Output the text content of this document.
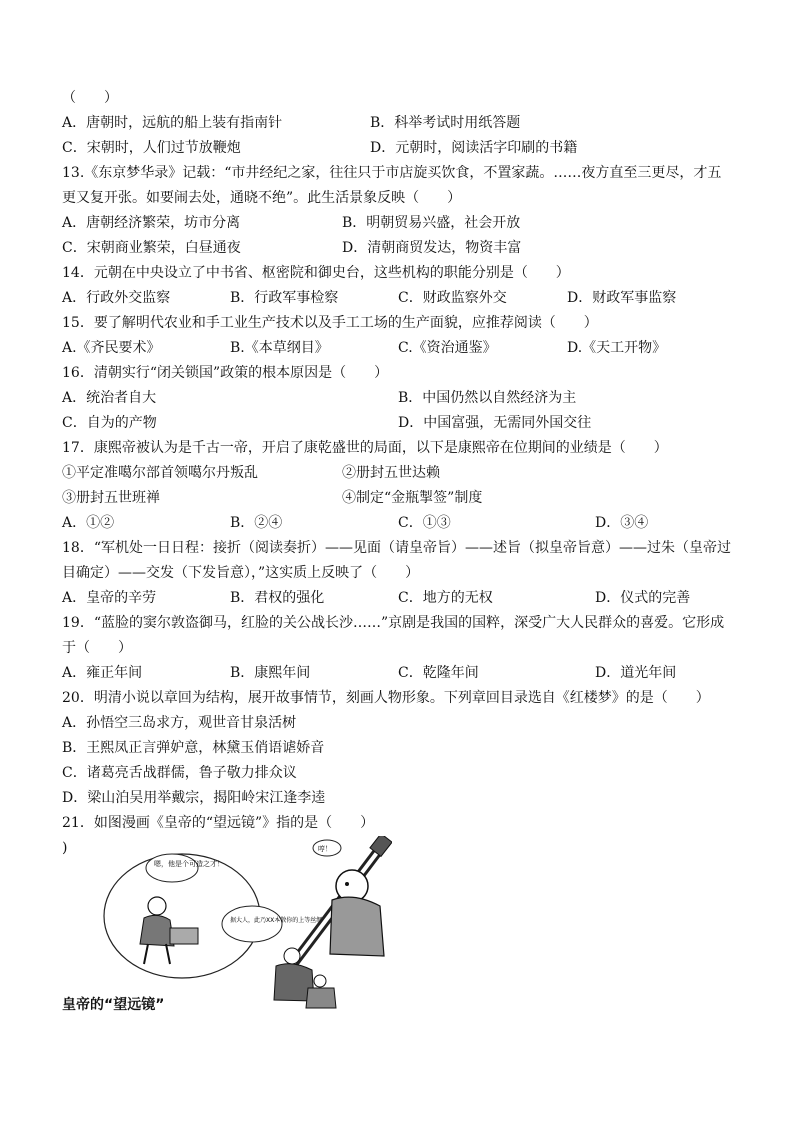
（　　）
A．唐朝时，远航的船上装有指南针	B．科举考试时用纸答题
C．宋朝时，人们过节放鞭炮	D．元朝时，阅读活字印刷的书籍
13.《东京梦华录》记载：“市井经纪之家，往往只于市店旋买饮食，不置家蔬。……夜方直至三更尽，才五
更又复开张。如要闹去处，通晓不绝”。此生活景象反映（　　）
A．唐朝经济繁荣，坊市分离	B．明朝贸易兴盛，社会开放
C．宋朝商业繁荣，白昼通夜	D．清朝商贸发达，物资丰富
14．元朝在中央设立了中书省、枢密院和御史台，这些机构的职能分别是（　　）
A．行政外交监察	B．行政军事检察	C．财政监察外交	D．财政军事监察
15．要了解明代农业和手工业生产技术以及手工工场的生产面貌，应推荐阅读（　　）
A.《齐民要术》	B.《本草纲目》	C.《资治通鉴》	D.《天工开物》
16．清朝实行“闭关锁国”政策的根本原因是（　　）
A．统治者自大	B．中国仍然以自然经济为主
C．自为的产物	D．中国富强，无需同外国交往
17．康熙帝被认为是千古一帝，开启了康乾盛世的局面，以下是康熙帝在位期间的业绩是（　　）
①平定准噶尔部首领噶尔丹叛乱	②册封五世达赖
③册封五世班禅	④制定“金瓶掣签”制度
A．①②	B．②④	C．①③	D．③④
18．“军机处一日日程：接折（阅读奏折）——见面（请皇帝旨）——述旨（拟皇帝旨意）——过朱（皇帝过
目确定）——交发（下发旨意），”这实质上反映了（　　）
A．皇帝的辛劳	B．君权的强化	C．地方的无权	D．仪式的完善
19．“蓝脸的窦尔敦盗御马，红脸的关公战长沙……”京剧是我国的国粹，深受广大人民群众的喜爱。它形成
于（　　）
A．雍正年间	B．康熙年间	C．乾隆年间	D．道光年间
20．明清小说以章回为结构，展开故事情节，刻画人物形象。下列章回目录选自《红楼梦》的是（　　）
A．孙悟空三岛求方，观世音甘泉活树
B．王熙凤正言弹妒意，林黛玉俏语谑娇音
C．诸葛亮舌战群儒，鲁子敬力排众议
D．梁山泊吴用举戴宗，揭阳岭宋江逢李逵
21．如图漫画《皇帝的“望远镜”》指的是（　　）
)
嗯，他是个可造之才！
据大人，此乃XX本敬你的上等丝绸！
哼！
皇帝的“望远镜”
